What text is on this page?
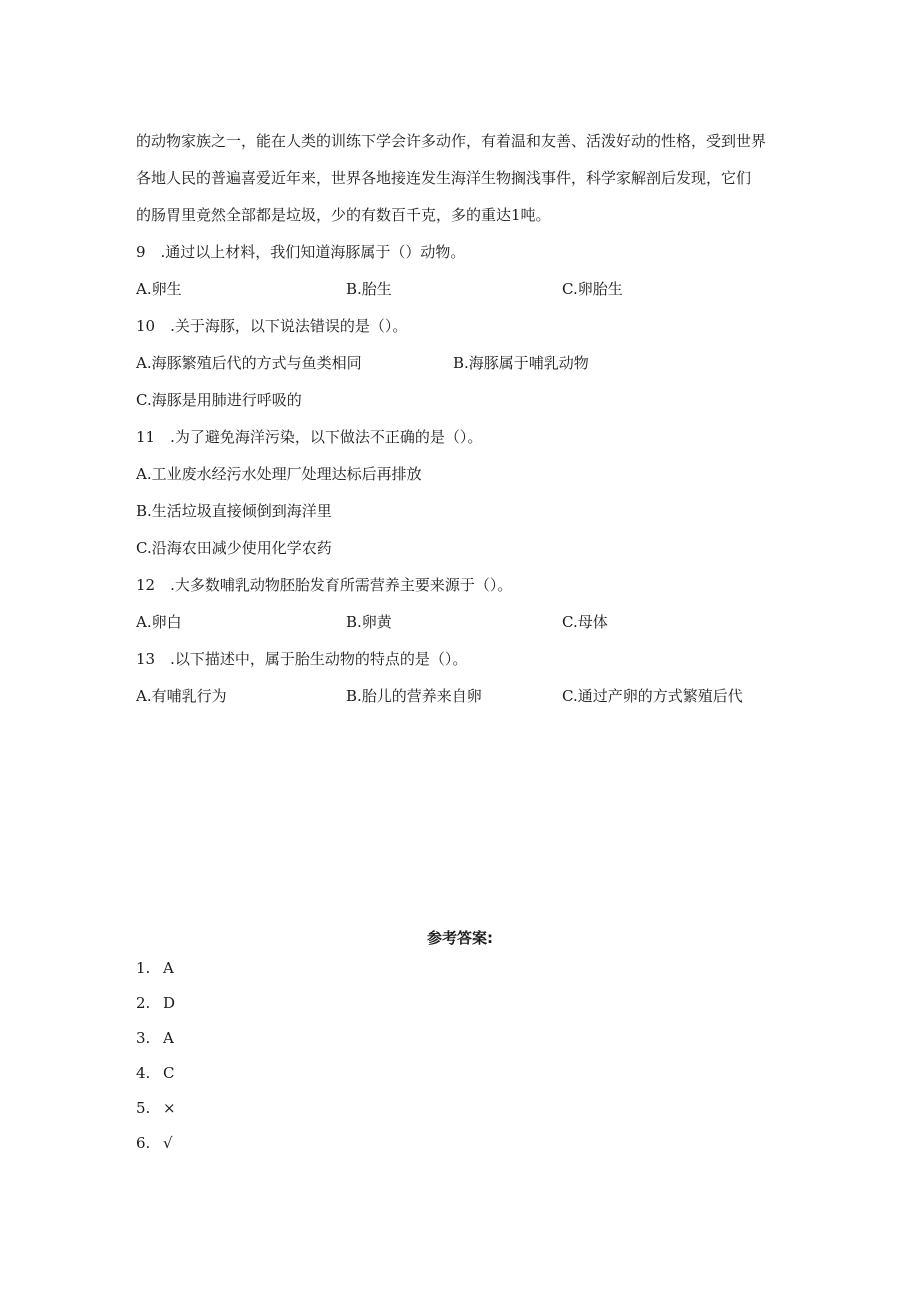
的动物家族之一，能在人类的训练下学会许多动作，有着温和友善、活泼好动的性格，受到世界
各地人民的普遍喜爱近年来，世界各地接连发生海洋生物搁浅事件，科学家解剖后发现，它们
的肠胃里竟然全部都是垃圾，少的有数百千克，多的重达1吨。
9　.通过以上材料，我们知道海豚属于（）动物。
A.卵生	B.胎生	C.卵胎生
10　.关于海豚，以下说法错误的是（）。
A.海豚繁殖后代的方式与鱼类相同	B.海豚属于哺乳动物
C.海豚是用肺进行呼吸的
11　.为了避免海洋污染，以下做法不正确的是（）。
A.工业废水经污水处理厂处理达标后再排放
B.生活垃圾直接倾倒到海洋里
C.沿海农田减少使用化学农药
12　.大多数哺乳动物胚胎发育所需营养主要来源于（）。
A.卵白	B.卵黄	C.母体
13　.以下描述中，属于胎生动物的特点的是（）。
A.有哺乳行为	B.胎儿的营养来自卵	C.通过产卵的方式繁殖后代
参考答案:
1. A
2. D
3. A
4. C
5. ×
6. √
